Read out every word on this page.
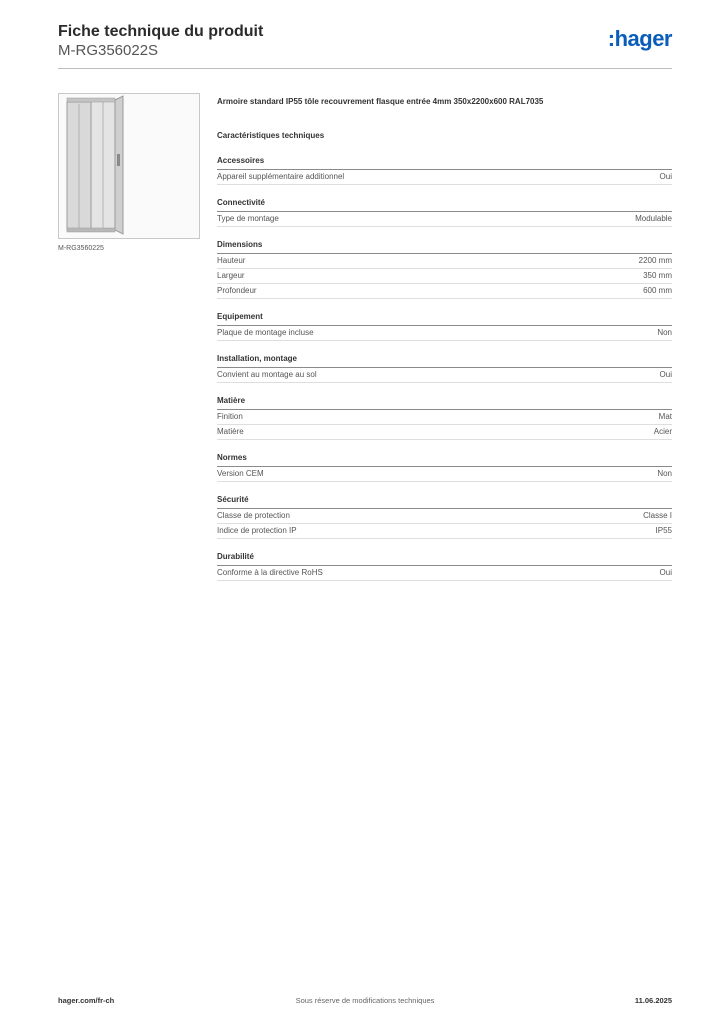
Fiche technique du produit
M-RG356022S	:hager
M-RG3560225
Armoire standard IP55 tôle recouvrement flasque entrée 4mm 350x2200x600 RAL7035
Caractéristiques techniques
Accessoires
Appareil supplémentaire additionnel	Oui
Connectivité
Type de montage	Modulable
Dimensions
Hauteur	2200 mm
Largeur	350 mm
Profondeur	600 mm
Equipement
Plaque de montage incluse	Non
Installation, montage
Convient au montage au sol	Oui
Matière
Finition	Mat
Matière	Acier
Normes
Version CEM	Non
Sécurité
Classe de protection	Classe I
Indice de protection IP	IP55
Durabilité
Conforme à la directive RoHS	Oui
hager.com/fr-ch	Sous réserve de modifications techniques	11.06.2025
